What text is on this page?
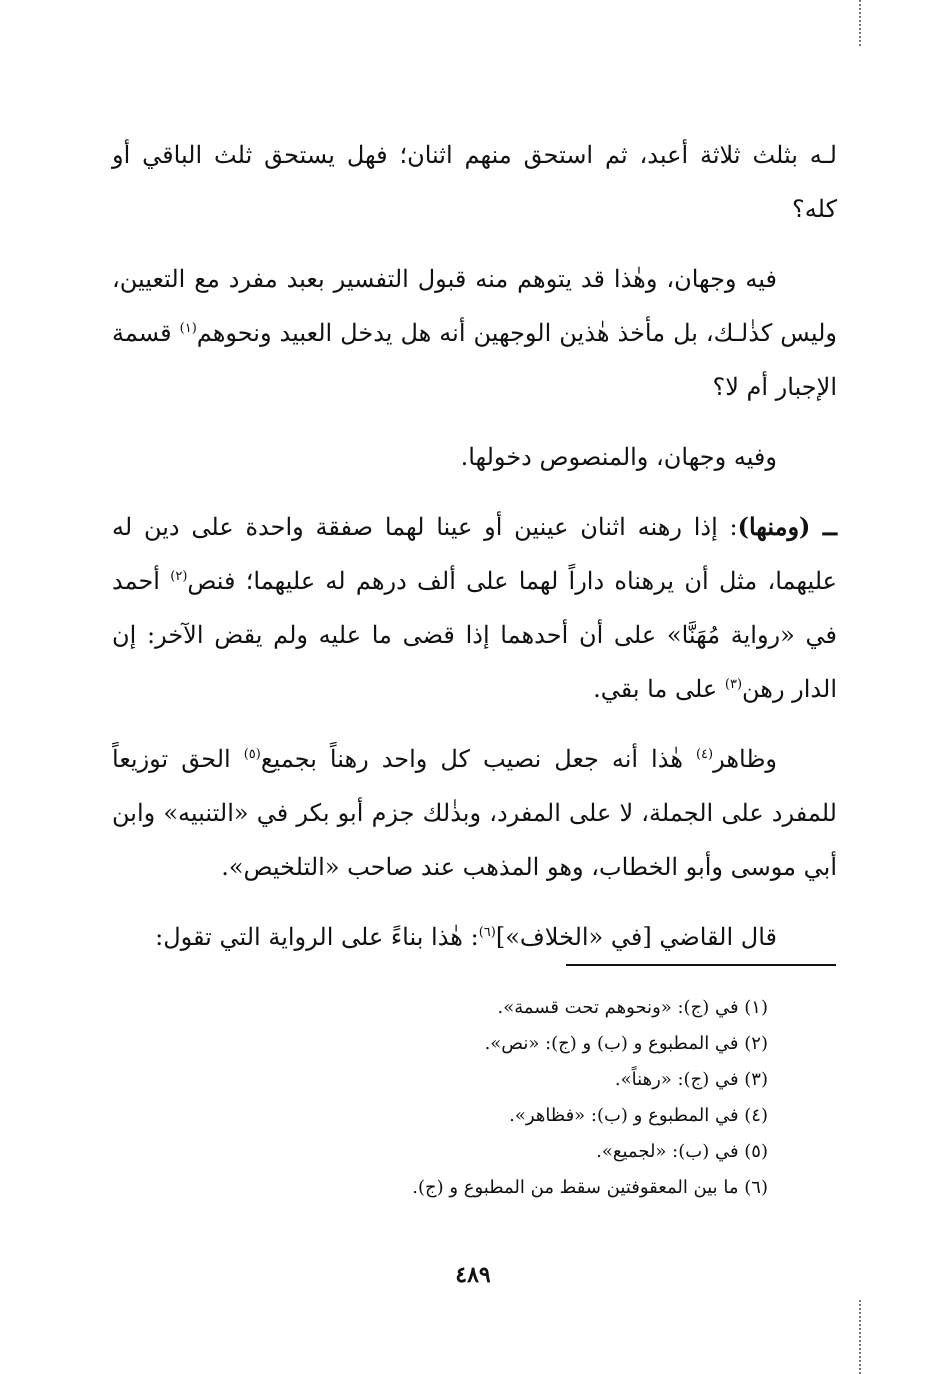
لـه بثلث ثلاثة أعبد، ثم استحق منهم اثنان؛ فهل يستحق ثلث الباقي أو كله؟

فيه وجهان، وهٰذا قد يتوهم منه قبول التفسير بعبد مفرد مع التعيين، وليس كذٰلـك، بل مأخذ هٰذين الوجهين أنه هل يدخل العبيد ونحوهم$^{(١)}$ قسمة الإجبار أم لا؟

وفيه وجهان، والمنصوص دخولها.

ــ (ومنها): إذا رهنه اثنان عينين أو عينا لهما صفقة واحدة على دين له عليهما، مثل أن يرهناه داراً لهما على ألف درهم له عليهما؛ فنص$^{(٢)}$ أحمد في «رواية مُهَنَّا» على أن أحدهما إذا قضى ما عليه ولم يقض الآخر: إن الدار رهن$^{(٣)}$ على ما بقي.

وظاهر$^{(٤)}$ هٰذا أنه جعل نصيب كل واحد رهناً بجميع$^{(٥)}$ الحق توزيعاً للمفرد على الجملة، لا على المفرد، وبذٰلك جزم أبو بكر في «التنبيه» وابن أبي موسى وأبو الخطاب، وهو المذهب عند صاحب «التلخيص».

قال القاضي [في «الخلاف»]$^{(٦)}$: هٰذا بناءً على الرواية التي تقول:

(١) في (ج): «ونحوهم تحت قسمة».
(٢) في المطبوع و (ب) و (ج): «نص».
(٣) في (ج): «رهناً».
(٤) في المطبوع و (ب): «فظاهر».
(٥) في (ب): «لجميع».
(٦) ما بين المعقوفتين سقط من المطبوع و (ج).
٤٨٩
